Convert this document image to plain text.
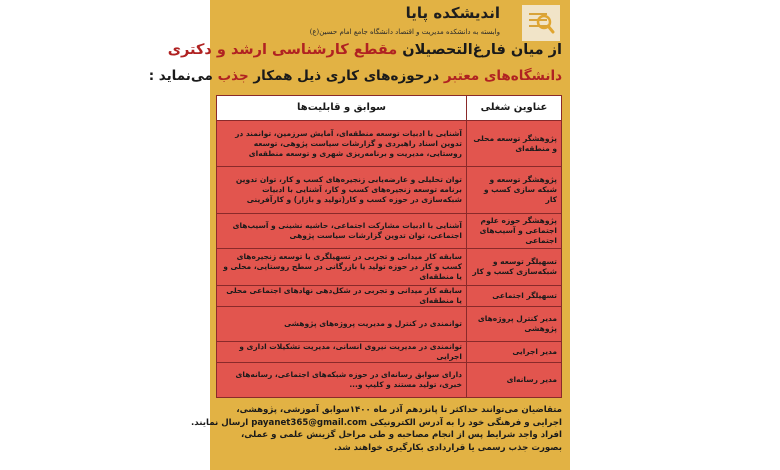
اندیشکده پایا
وابسته به دانشکده مدیریت و اقتصاد دانشگاه جامع امام حسین(ع)
از میان فارغ‌التحصیلان مقطع کارشناسی ارشد و دکتری
دانشگاه‌های معتبر درحوزه‌های کاری ذیل همکار جذب می‌نماید :
عناوین شغلی	سوابق و قابلیت‌ها
پژوهشگر توسعه محلی و منطقه‌ای	آشنایی با ادبیات توسعه منطقه‌ای، آمایش سرزمین، توانمند در تدوین اسناد راهبردی و گزارشات سیاست پژوهی، توسعه روستایی، مدیریت و برنامه‌ریزی شهری و توسعه منطقه‌ای
پژوهشگر توسعه و شبکه سازی کسب و کار	توان تحلیلی و عارضه‌یابی زنجیره‌های کسب و کار، توان تدوین برنامه توسعه زنجیره‌های کسب و کار، آشنایی با ادبیات شبکه‌سازی در حوزه کسب و کار(تولید و بازار) و کارآفرینی
پژوهشگر حوزه علوم اجتماعی و آسیب‌های اجتماعی	آشنایی با ادبیات مشارکت اجتماعی، حاشیه نشینی و آسیب‌های اجتماعی، توان تدوین گزارشات سیاست پژوهی
تسهیلگر توسعه و شبکه‌سازی کسب و کار	سابقه کار میدانی و تجربی در تسهیلگری یا توسعه زنجیره‌های کسب و کار در حوزه تولید یا بازرگانی در سطح روستایی، محلی و یا منطقه‌ای
تسهیلگر اجتماعی	سابقه کار میدانی و تجربی در شکل‌دهی نهادهای اجتماعی محلی یا منطقه‌ای
مدیر کنترل پروژه‌های پژوهشی	توانمندی در کنترل و مدیریت پروژه‌های پژوهشی
مدیر اجرایی	توانمندی در مدیریت نیروی انسانی، مدیریت تشکیلات اداری و اجرایی
مدیر رسانه‌ای	دارای سوابق رسانه‌ای در حوزه شبکه‌های اجتماعی، رسانه‌های خبری، تولید مستند و کلیپ و...
متقاضیان می‌توانند حداکثر تا پانزدهم آذر ماه ۱۴۰۰سوابق آموزشی، پژوهشی،
اجرایی و فرهنگی خود را به آدرس الکترونیکی payanet365@gmail.com ارسال نمایند.
افراد واجد شرایط پس از انجام مصاحبه و طی مراحل گزینش علمی و عملی،
بصورت جذب رسمی یا قراردادی بکارگیری خواهند شد.
